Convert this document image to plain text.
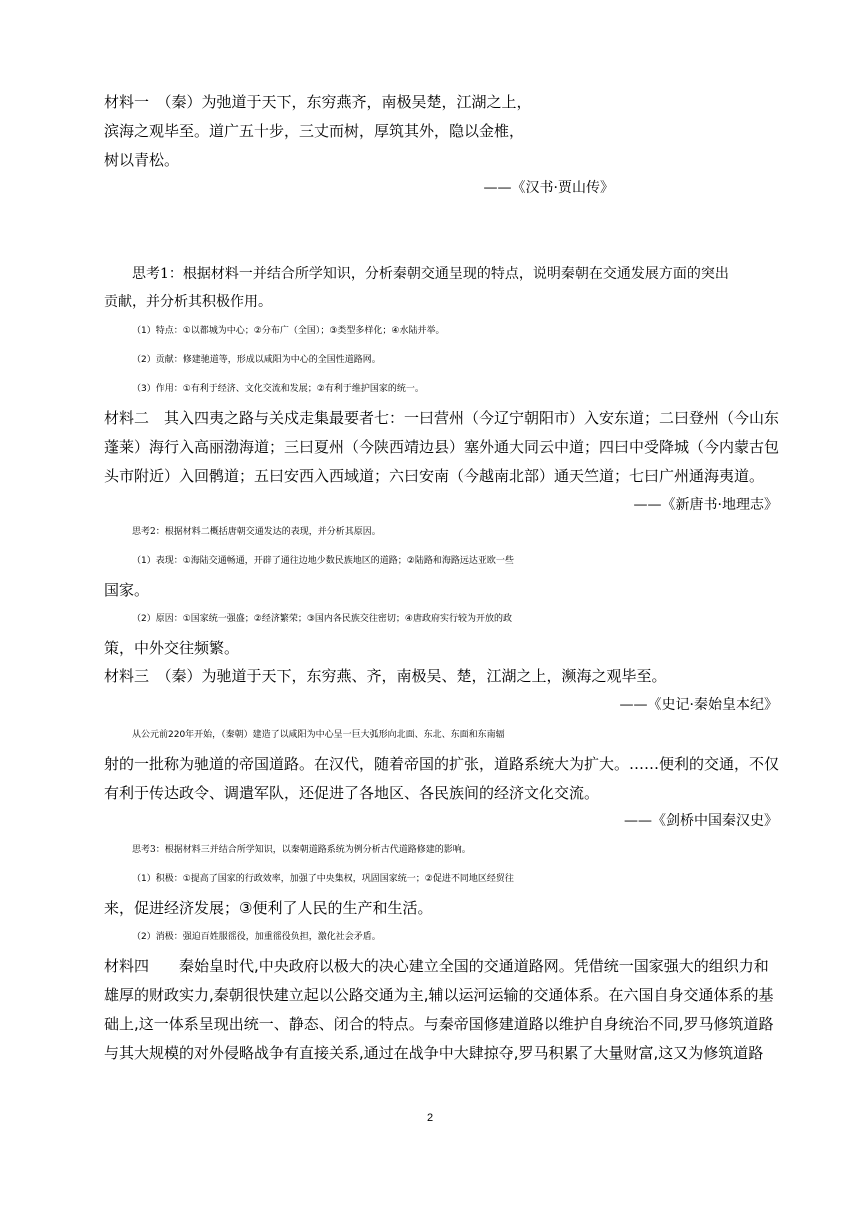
材料一　（秦）为弛道于天下，东穷燕齐，南极吴楚，江湖之上，
滨海之观毕至。道广五十步，三丈而树，厚筑其外，隐以金椎，
树以青松。
——《汉书·贾山传》
思考1：根据材料一并结合所学知识，分析秦朝交通呈现的特点，说明秦朝在交通发展方面的突出
贡献，并分析其积极作用。
（1）特点：①以都城为中心；②分布广（全国）；③类型多样化；④水陆并举。
（2）贡献：修建驰道等，形成以咸阳为中心的全国性道路网。
（3）作用：①有利于经济、文化交流和发展；②有利于维护国家的统一。
材料二　其入四夷之路与关戍走集最要者七：一曰营州（今辽宁朝阳市）入安东道；二曰登州（今山东
蓬莱）海行入高丽渤海道；三曰夏州（今陕西靖边县）塞外通大同云中道；四曰中受降城（今内蒙古包
头市附近）入回鹘道；五曰安西入西域道；六曰安南（今越南北部）通天竺道；七曰广州通海夷道。
——《新唐书·地理志》
思考2：根据材料二概括唐朝交通发达的表现，并分析其原因。
（1）表现：①海陆交通畅通，开辟了通往边地少数民族地区的道路；②陆路和海路远达亚欧一些
国家。
（2）原因：①国家统一强盛；②经济繁荣；③国内各民族交往密切；④唐政府实行较为开放的政
策，中外交往频繁。
材料三　（秦）为驰道于天下，东穷燕、齐，南极吴、楚，江湖之上，濒海之观毕至。
——《史记·秦始皇本纪》
从公元前220年开始，（秦朝）建造了以咸阳为中心呈一巨大弧形向北面、东北、东面和东南辐
射的一批称为驰道的帝国道路。在汉代，随着帝国的扩张，道路系统大为扩大。……便利的交通，不仅
有利于传达政令、调遣军队，还促进了各地区、各民族间的经济文化交流。
——《剑桥中国秦汉史》
思考3：根据材料三并结合所学知识，以秦朝道路系统为例分析古代道路修建的影响。
（1）积极：①提高了国家的行政效率，加强了中央集权，巩固国家统一；②促进不同地区经贸往
来，促进经济发展；③便利了人民的生产和生活。
（2）消极：强迫百姓服徭役，加重徭役负担，激化社会矛盾。
材料四　　秦始皇时代,中央政府以极大的决心建立全国的交通道路网。凭借统一国家强大的组织力和
雄厚的财政实力,秦朝很快建立起以公路交通为主,辅以运河运输的交通体系。在六国自身交通体系的基
础上,这一体系呈现出统一、静态、闭合的特点。与秦帝国修建道路以维护自身统治不同,罗马修筑道路
与其大规模的对外侵略战争有直接关系,通过在战争中大肆掠夺,罗马积累了大量财富,这又为修筑道路
2
